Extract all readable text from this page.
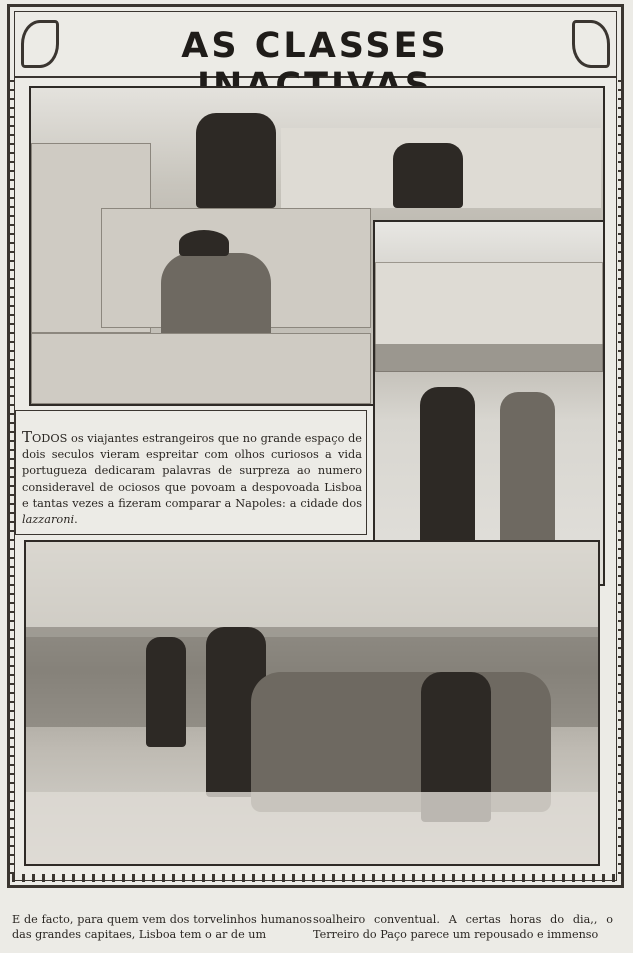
AS CLASSES

TODOS os viajantes estrangeiros que no grande espaço de dois seculos vieram espreitar com olhos curiosos a vida portugueza dedicaram palavras de surpreza ao numero consideravel de ociosos que povoam a despovoada Lisboa e tantas vezes a fizeram comparar a Napoles: a cidade dos lazzaroni.

E de facto, para quem vem dos torvelinhos humanos das grandes capitaes, Lisboa tem o ar de um

soalheiro conventual. A certas horas do dia,, o Terreiro do Paço parece um repousado e immenso
